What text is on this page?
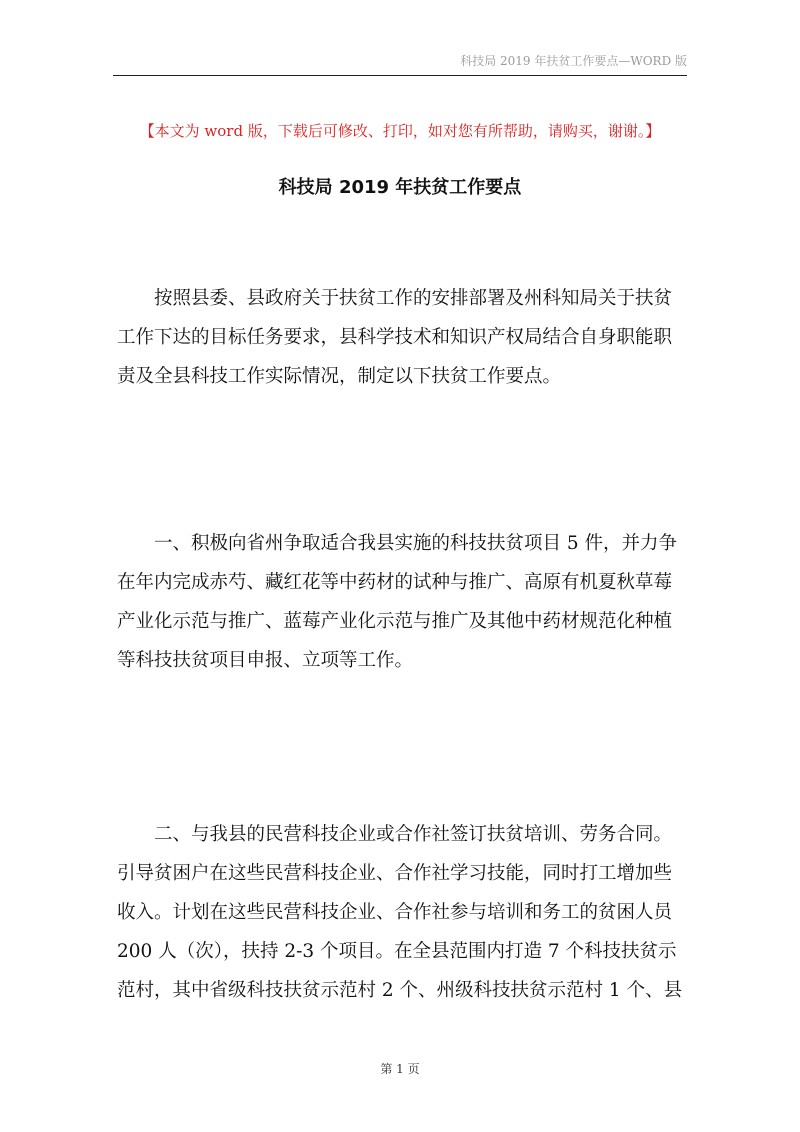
科技局 2019 年扶贫工作要点—WORD 版
【本文为 word 版，下载后可修改、打印，如对您有所帮助，请购买，谢谢。】
科技局 2019 年扶贫工作要点
按照县委、县政府关于扶贫工作的安排部署及州科知局关于扶贫
工作下达的目标任务要求，县科学技术和知识产权局结合自身职能职
责及全县科技工作实际情况，制定以下扶贫工作要点。
一、积极向省州争取适合我县实施的科技扶贫项目 5 件，并力争
在年内完成赤芍、藏红花等中药材的试种与推广、高原有机夏秋草莓
产业化示范与推广、蓝莓产业化示范与推广及其他中药材规范化种植
等科技扶贫项目申报、立项等工作。
二、与我县的民营科技企业或合作社签订扶贫培训、劳务合同。
引导贫困户在这些民营科技企业、合作社学习技能，同时打工增加些
收入。计划在这些民营科技企业、合作社参与培训和务工的贫困人员
200 人（次），扶持 2-3 个项目。在全县范围内打造 7 个科技扶贫示
范村，其中省级科技扶贫示范村 2 个、州级科技扶贫示范村 1 个、县
第 1 页
